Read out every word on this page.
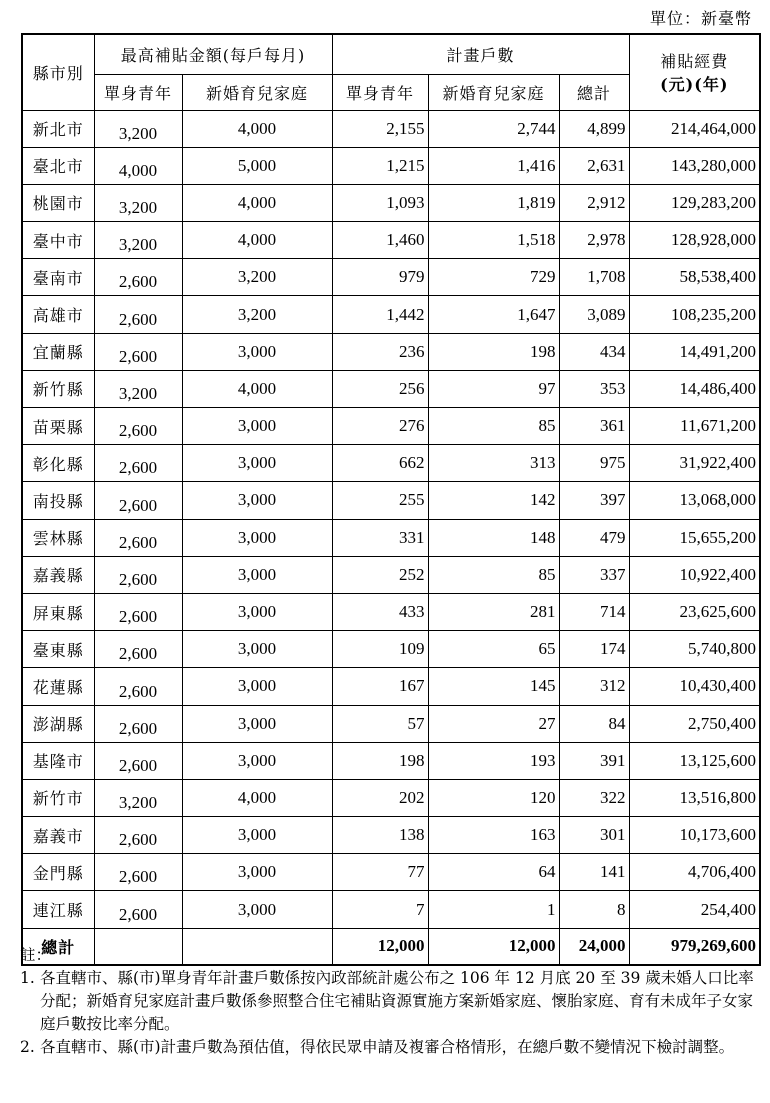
單位：新臺幣
縣市別	最高補貼金額(每戶每月)		計畫戶數			補貼經費
(元)(年)

	單身青年	新婚育兒家庭	單身青年	新婚育兒家庭	總計	
新北市	3,200	4,000	2,155	2,744	4,899	214,464,000
臺北市	4,000	5,000	1,215	1,416	2,631	143,280,000
桃園市	3,200	4,000	1,093	1,819	2,912	129,283,200
臺中市	3,200	4,000	1,460	1,518	2,978	128,928,000
臺南市	2,600	3,200	979	729	1,708	58,538,400
高雄市	2,600	3,200	1,442	1,647	3,089	108,235,200
宜蘭縣	2,600	3,000	236	198	434	14,491,200
新竹縣	3,200	4,000	256	97	353	14,486,400
苗栗縣	2,600	3,000	276	85	361	11,671,200
彰化縣	2,600	3,000	662	313	975	31,922,400
南投縣	2,600	3,000	255	142	397	13,068,000
雲林縣	2,600	3,000	331	148	479	15,655,200
嘉義縣	2,600	3,000	252	85	337	10,922,400
屏東縣	2,600	3,000	433	281	714	23,625,600
臺東縣	2,600	3,000	109	65	174	5,740,800
花蓮縣	2,600	3,000	167	145	312	10,430,400
澎湖縣	2,600	3,000	57	27	84	2,750,400
基隆市	2,600	3,000	198	193	391	13,125,600
新竹市	3,200	4,000	202	120	322	13,516,800
嘉義市	2,600	3,000	138	163	301	10,173,600
金門縣	2,600	3,000	77	64	141	4,706,400
連江縣	2,600	3,000	7	1	8	254,400
總計			12,000	12,000	24,000	979,269,600
註：
1. 各直轄市、縣(市)單身青年計畫戶數係按內政部統計處公布之 106 年 12 月底 20 至 39 歲未婚人口比率分配；新婚育兒家庭計畫戶數係參照整合住宅補貼資源實施方案新婚家庭、懷胎家庭、育有未成年子女家庭戶數按比率分配。
2. 各直轄市、縣(市)計畫戶數為預估值，得依民眾申請及複審合格情形，在總戶數不變情況下檢討調整。
